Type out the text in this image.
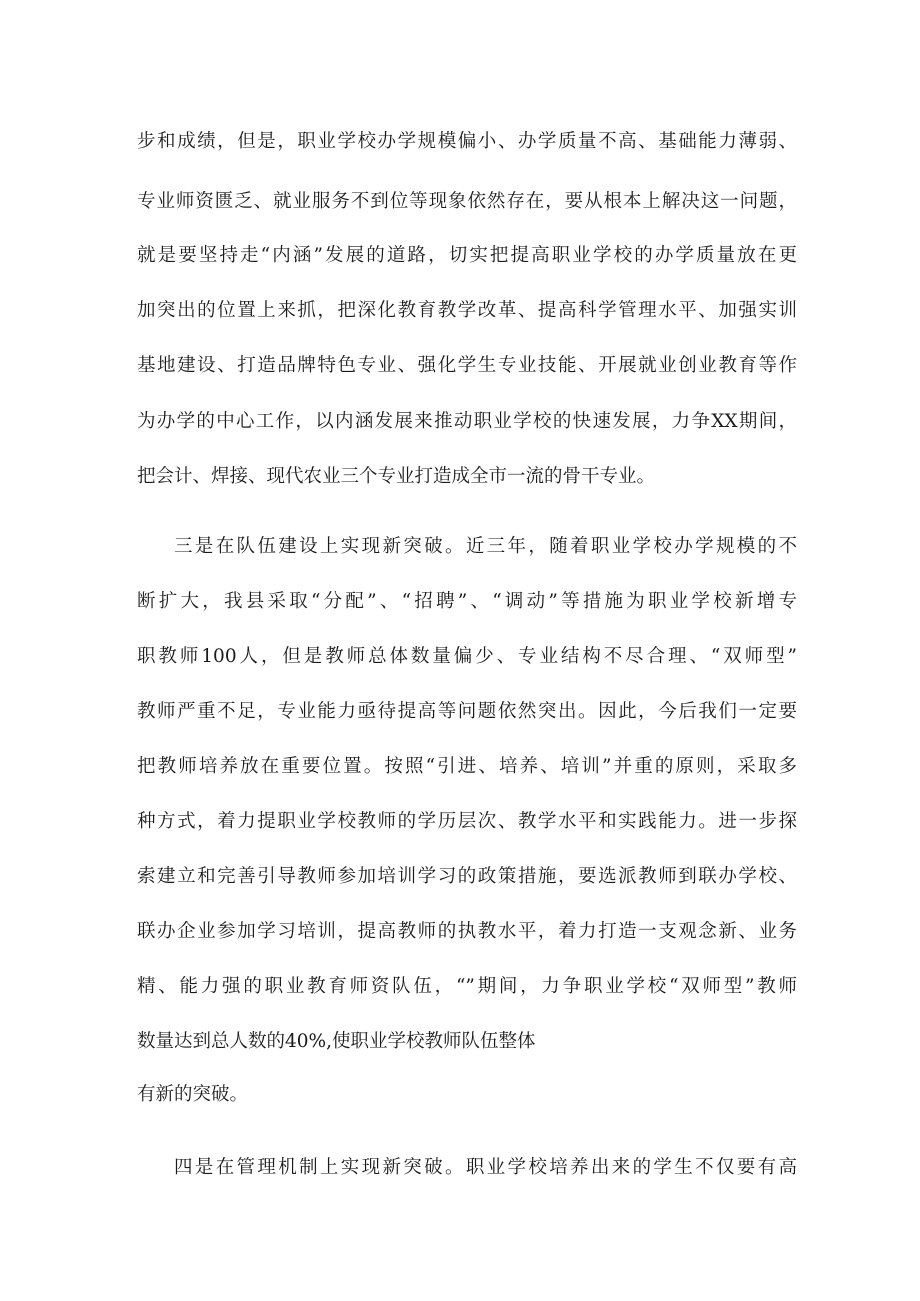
步和成绩，但是，职业学校办学规模偏小、办学质量不高、基础能力薄弱、
专业师资匮乏、就业服务不到位等现象依然存在，要从根本上解决这一问题，
就是要坚持走“内涵”发展的道路，切实把提高职业学校的办学质量放在更
加突出的位置上来抓，把深化教育教学改革、提高科学管理水平、加强实训
基地建设、打造品牌特色专业、强化学生专业技能、开展就业创业教育等作
为办学的中心工作，以内涵发展来推动职业学校的快速发展，力争XX期间，
把会计、焊接、现代农业三个专业打造成全市一流的骨干专业。
三是在队伍建设上实现新突破。近三年，随着职业学校办学规模的不
断扩大，我县采取“分配”、“招聘”、“调动”等措施为职业学校新增专
职教师100人，但是教师总体数量偏少、专业结构不尽合理、“双师型”
教师严重不足，专业能力亟待提高等问题依然突出。因此，今后我们一定要
把教师培养放在重要位置。按照“引进、培养、培训”并重的原则，采取多
种方式，着力提职业学校教师的学历层次、教学水平和实践能力。进一步探
索建立和完善引导教师参加培训学习的政策措施，要选派教师到联办学校、
联办企业参加学习培训，提高教师的执教水平，着力打造一支观念新、业务
精、能力强的职业教育师资队伍，“”期间，力争职业学校“双师型”教师
数量达到总人数的40%,使职业学校教师队伍整体
有新的突破。
四是在管理机制上实现新突破。职业学校培养出来的学生不仅要有高
